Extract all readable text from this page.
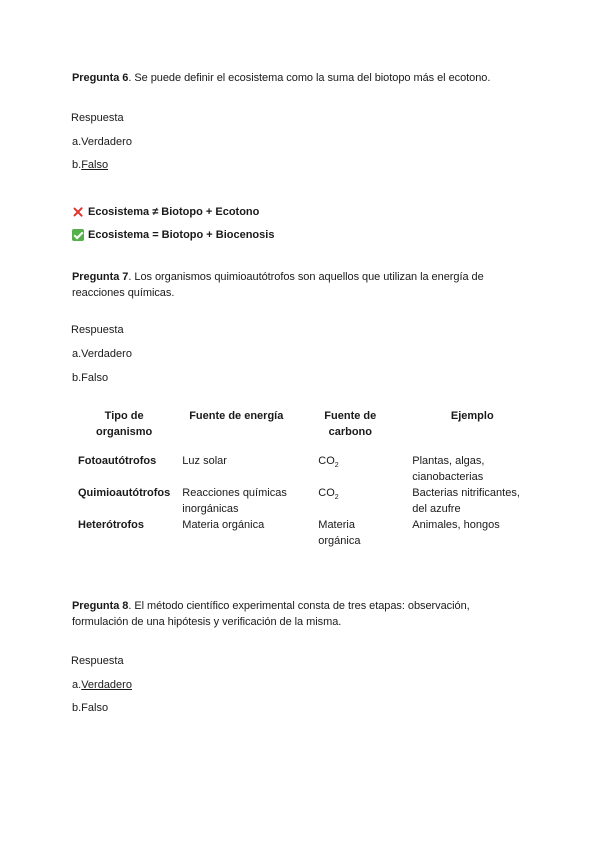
Pregunta 6. Se puede definir el ecosistema como la suma del biotopo más el ecotono.
Respuesta
a.Verdadero
b.Falso
Ecosistema ≠ Biotopo + Ecotono
Ecosistema = Biotopo + Biocenosis
Pregunta 7. Los organismos quimioautótrofos son aquellos que utilizan la energía de reacciones químicas.
Respuesta
a.Verdadero
b.Falso
Tipo de organismo	Fuente de energía	Fuente de carbono	Ejemplo
Fotoautótrofos	Luz solar	$CO_2$	Plantas, algas, cianobacterias
Quimioautótrofos	Reacciones químicas inorgánicas	$CO_2$	Bacterias nitrificantes, del azufre
Heterótrofos	Materia orgánica	Materia orgánica	Animales, hongos
Pregunta 8. El método científico experimental consta de tres etapas: observación, formulación de una hipótesis y verificación de la misma.
Respuesta
a.Verdadero
b.Falso
